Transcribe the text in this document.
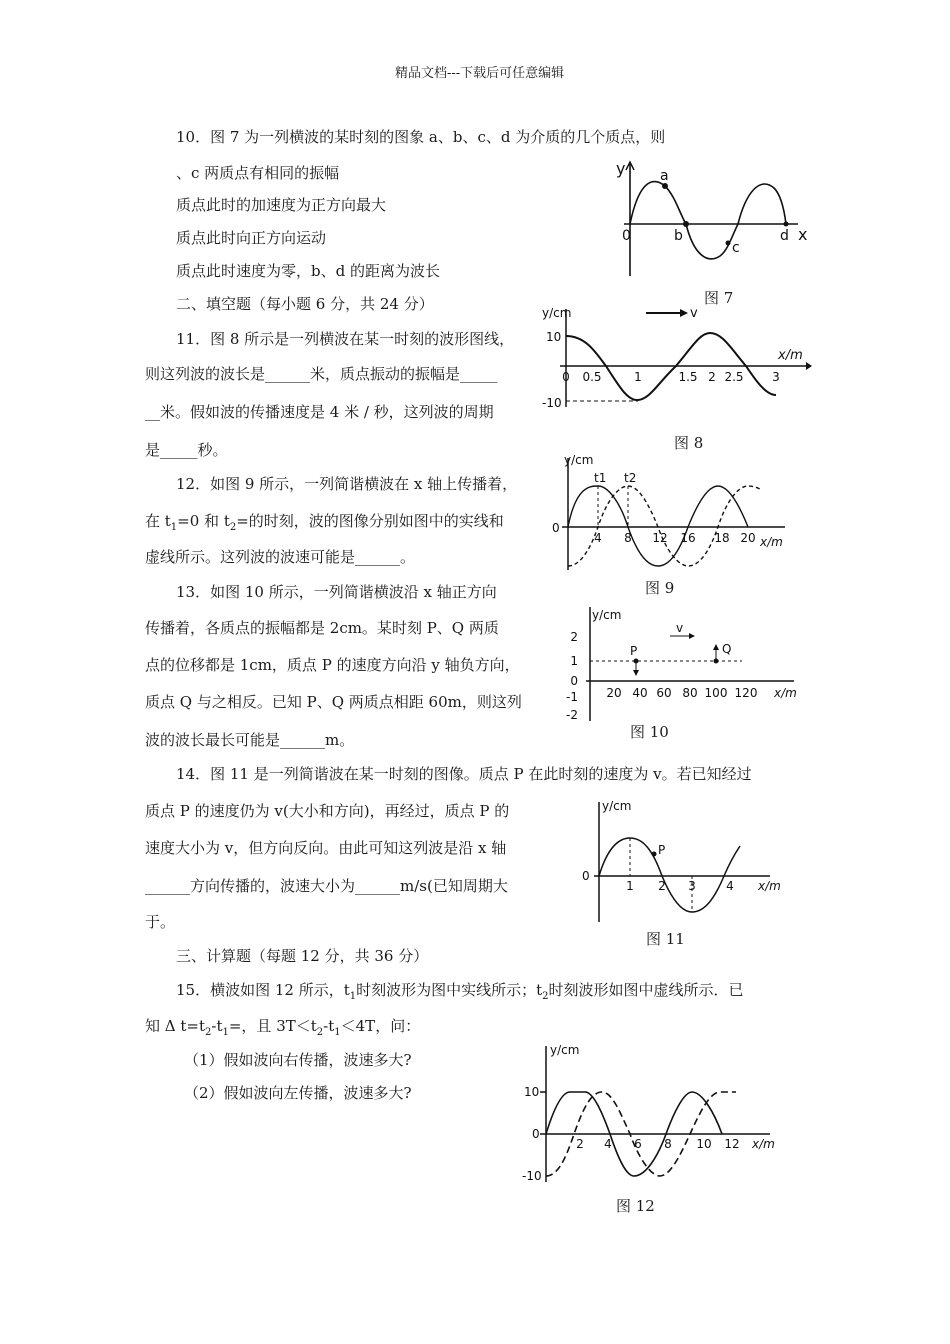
精品文档---下载后可任意编辑
10．图 7 为一列横波的某时刻的图象 a、b、c、d 为介质的几个质点，则
、c 两质点有相同的振幅
质点此时的加速度为正方向最大
质点此时向正方向运动
质点此时速度为零，b、d 的距离为波长
二、填空题（每小题 6 分，共 24 分）
11．图 8 所示是一列横波在某一时刻的波形图线，
则这列波的波长是______米，质点振动的振幅是_____
__米。假如波的传播速度是 4 米 / 秒，这列波的周期
是_____秒。
12．如图 9 所示，一列简谐横波在 x 轴上传播着，
在 $t_1=0$ 和 $t_2=$的时刻，波的图像分别如图中的实线和
虚线所示。这列波的波速可能是______。
13．如图 10 所示，一列简谐横波沿 x 轴正方向
传播着，各质点的振幅都是 2cm。某时刻 P、Q 两质
点的位移都是 1cm，质点 P 的速度方向沿 y 轴负方向，
质点 Q 与之相反。已知 P、Q 两质点相距 60m，则这列
波的波长最长可能是______m。
14．图 11 是一列简谐波在某一时刻的图像。质点 P 在此时刻的速度为 v。若已知经过
质点 P 的速度仍为 v(大小和方向)，再经过，质点 P 的
速度大小为 v，但方向反向。由此可知这列波是沿 x 轴
______方向传播的，波速大小为______m/s(已知周期大
于。
三、计算题（每题 12 分，共 36 分）
15．横波如图 12 所示，$t_1$时刻波形为图中实线所示；$t_2$时刻波形如图中虚线所示．已
知 Δ $t=t_2-t_1=$，且 $3T<t_2-t_1<4T$，问：
（1）假如波向右传播，波速多大?
（2）假如波向左传播，波速多大?
y
x
0
a
b
c
d
图 7
y/cm	v
x/m
10
-10
0 0.5	1	1.5 2 2.5 3
图 8
y/cm
0
t1 t2
x/m
4 8 12 16 18 20
图 9
y/cm
v
P	Q
x/m
2
1
0
-1
-2
20 40 60 80 100 120
图 10
y/cm
0
P
x/m
1 2 3	4
图 11
y/cm
10
0
-10
x/m
2 4 6 8 10 12
图 12
